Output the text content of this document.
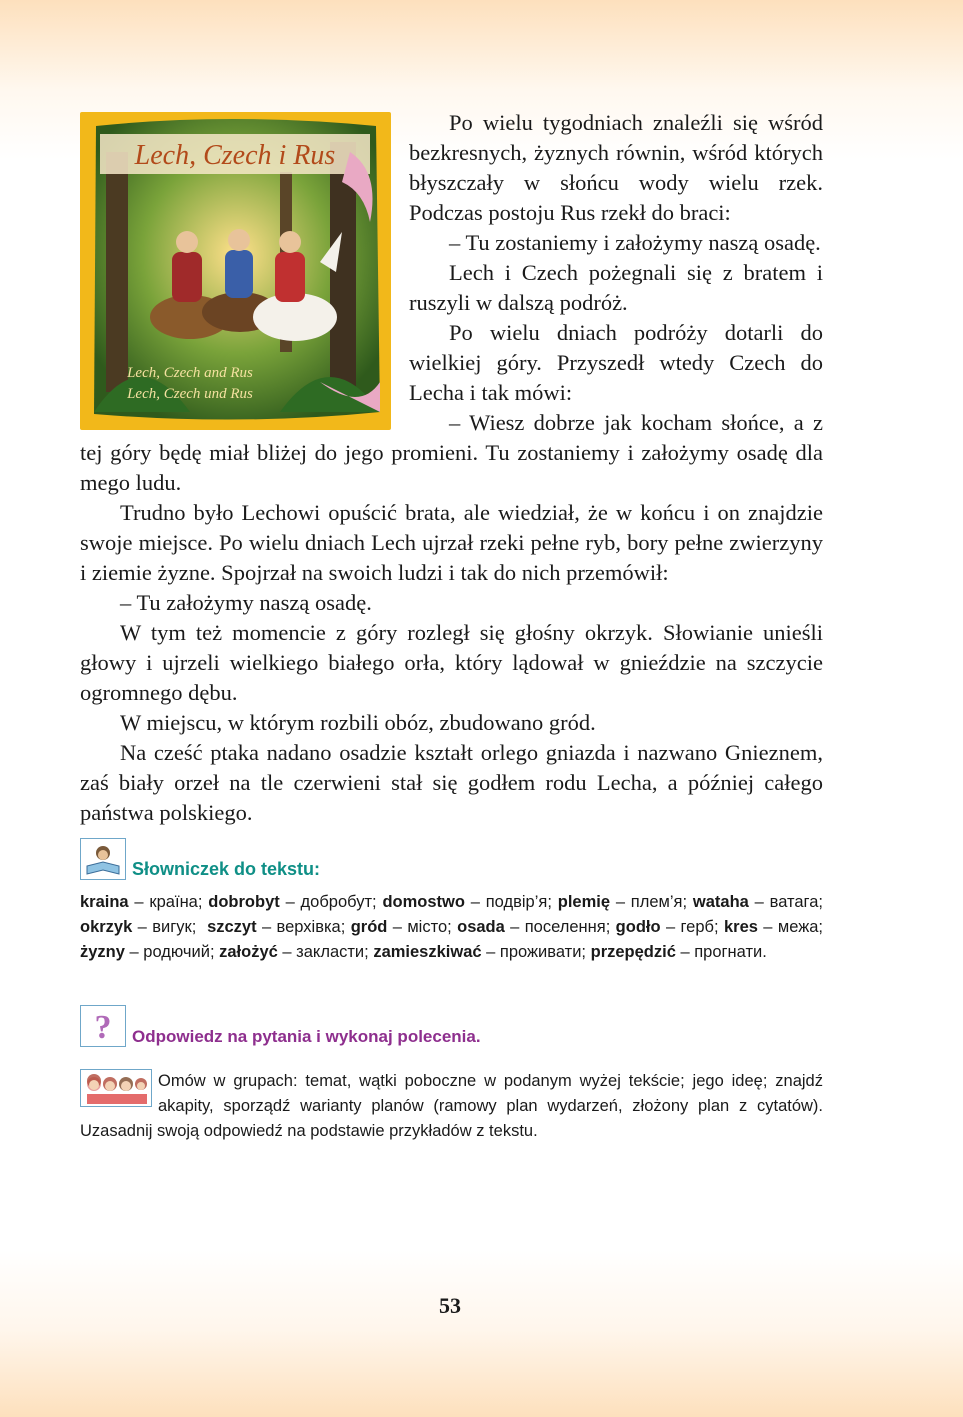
Lech, Czech i Rus
Lech, Czech and Rus
Lech, Czech und Rus

Po wielu tygodniach znaleźli się wśród bezkresnych, żyznych równin, wśród których błyszczały w słońcu wody wielu rzek. Podczas postoju Rus rzekł do braci:

– Tu zostaniemy i założymy naszą osadę.

Lech i Czech pożegnali się z bratem i ruszyli w dalszą podróż.

Po wielu dniach podróży dotarli do wielkiej góry. Przyszedł wtedy Czech do Lecha i tak mówi:

– Wiesz dobrze jak kocham słońce, a z tej góry będę miał bliżej do jego promieni. Tu zostaniemy i założymy osadę dla mego ludu.

Trudno było Lechowi opuścić brata, ale wiedział, że w końcu i on znajdzie swoje miejsce. Po wielu dniach Lech ujrzał rzeki pełne ryb, bory pełne zwierzyny i ziemie żyzne. Spojrzał na swoich ludzi i tak do nich przemówił:

– Tu założymy naszą osadę.

W tym też momencie z góry rozległ się głośny okrzyk. Słowianie unieśli głowy i ujrzeli wielkiego białego orła, który lądował w gnieździe na szczycie ogromnego dębu.

W miejscu, w którym rozbili obóz, zbudowano gród.

Na cześć ptaka nadano osadzie kształt orlego gniazda i nazwano Gnieznem, zaś biały orzeł na tle czerwieni stał się godłem rodu Lecha, a później całego państwa polskiego.

Słowniczek do tekstu:
kraina – країна; dobrobyt – добробут; domostwo – подвір’я; plemię – плем’я; wataha – ватага; okrzyk – вигук;  szczyt – верхівка; gród – місто; osada – поселення; godło – герб; kres – межа; żyzny – родючий; założyć – закласти; zamieszkiwać – проживати; przepędzić – прогнати.
? Odpowiedz na pytania i wykonaj polecenia.
Omów w grupach: temat, wątki poboczne w podanym wyżej tekście; jego ideę; znajdź akapity, sporządź warianty planów (ramowy plan wydarzeń, złożony plan z cytatów). Uzasadnij swoją odpowiedź na podstawie przykładów z tekstu.
53
